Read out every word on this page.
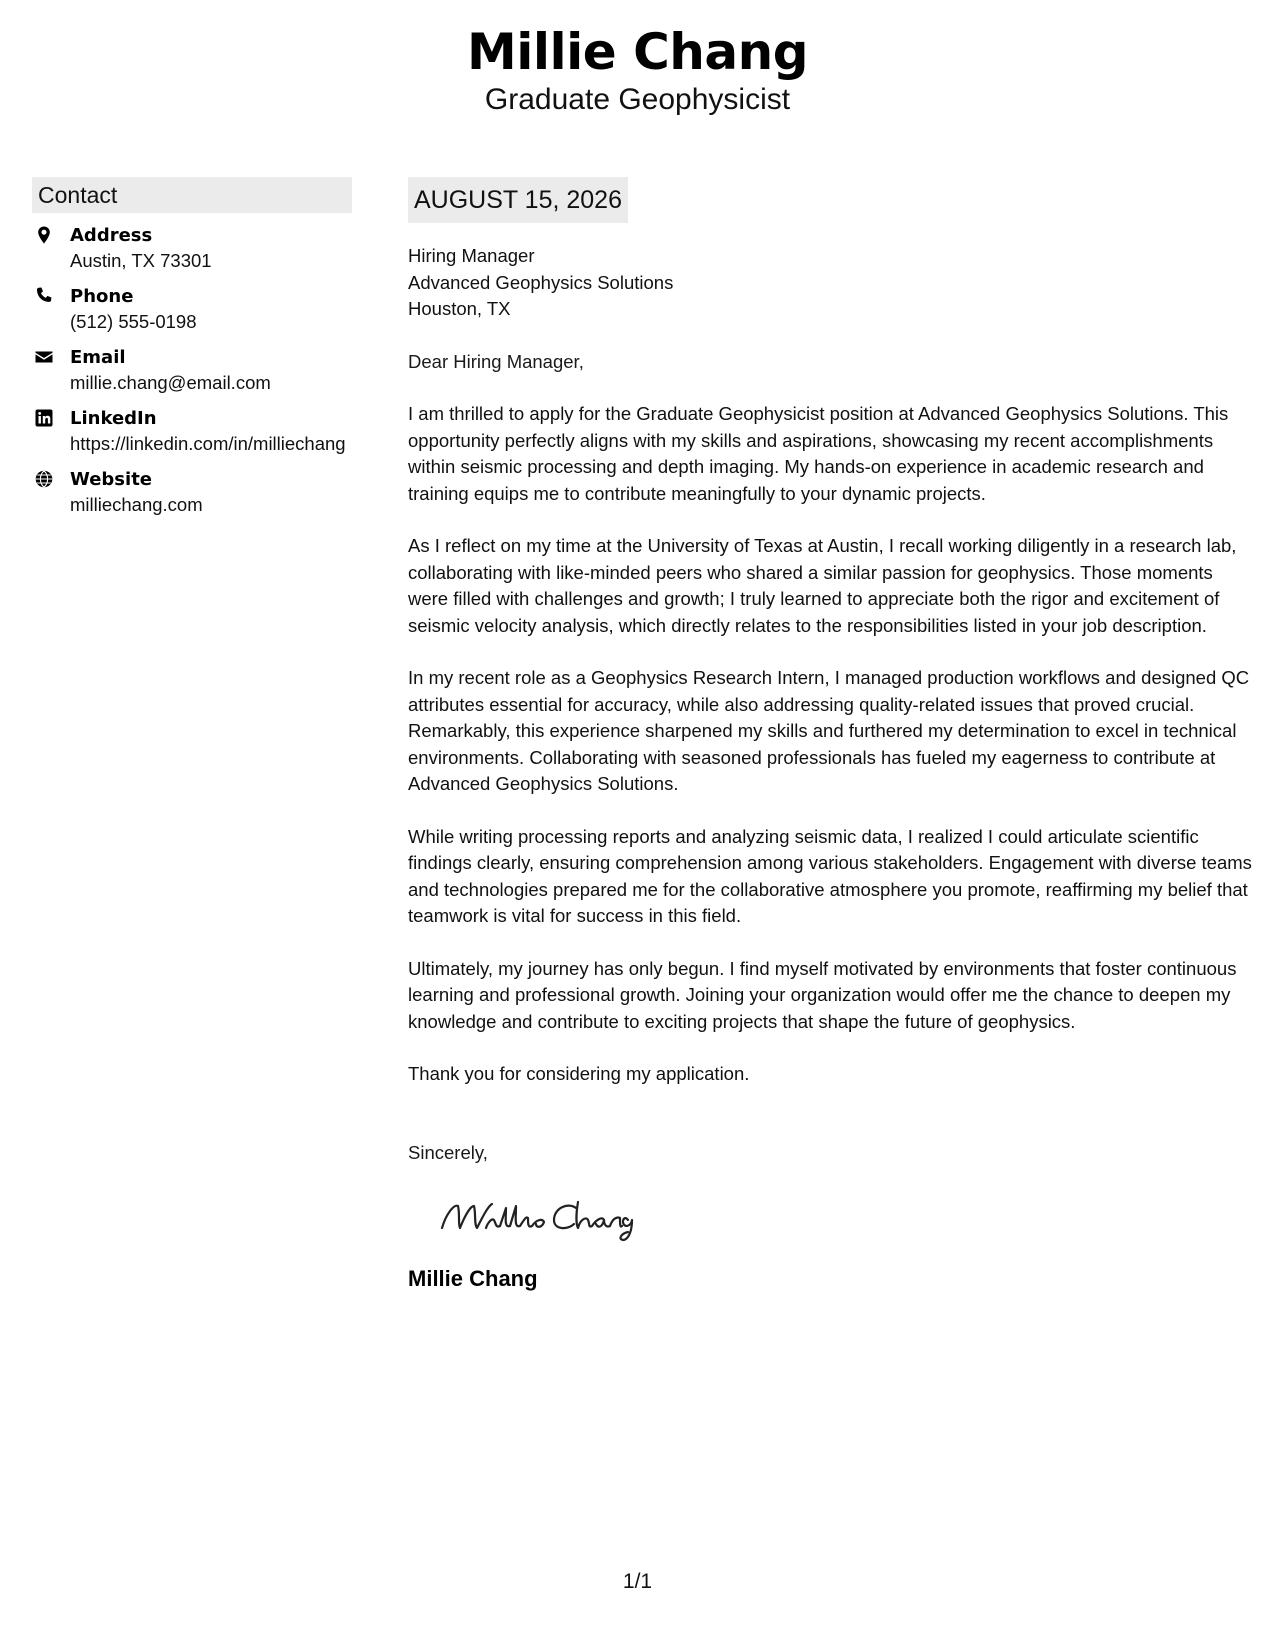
Millie Chang
Graduate Geophysicist
Contact
Address
Austin, TX 73301
Phone
(512) 555-0198
Email
millie.chang@email.com
LinkedIn
https://linkedin.com/in/milliechang
Website
milliechang.com
AUGUST 15, 2026
Hiring Manager
Advanced Geophysics Solutions
Houston, TX
Dear Hiring Manager,
I am thrilled to apply for the Graduate Geophysicist position at Advanced Geophysics Solutions. This opportunity perfectly aligns with my skills and aspirations, showcasing my recent accomplishments within seismic processing and depth imaging. My hands-on experience in academic research and training equips me to contribute meaningfully to your dynamic projects.
As I reflect on my time at the University of Texas at Austin, I recall working diligently in a research lab, collaborating with like-minded peers who shared a similar passion for geophysics. Those moments were filled with challenges and growth; I truly learned to appreciate both the rigor and excitement of seismic velocity analysis, which directly relates to the responsibilities listed in your job description.
In my recent role as a Geophysics Research Intern, I managed production workflows and designed QC attributes essential for accuracy, while also addressing quality-related issues that proved crucial. Remarkably, this experience sharpened my skills and furthered my determination to excel in technical environments. Collaborating with seasoned professionals has fueled my eagerness to contribute at Advanced Geophysics Solutions.
While writing processing reports and analyzing seismic data, I realized I could articulate scientific findings clearly, ensuring comprehension among various stakeholders. Engagement with diverse teams and technologies prepared me for the collaborative atmosphere you promote, reaffirming my belief that teamwork is vital for success in this field.
Ultimately, my journey has only begun. I find myself motivated by environments that foster continuous learning and professional growth. Joining your organization would offer me the chance to deepen my knowledge and contribute to exciting projects that shape the future of geophysics.
Thank you for considering my application.
Sincerely,
Millie Chang
1/1
